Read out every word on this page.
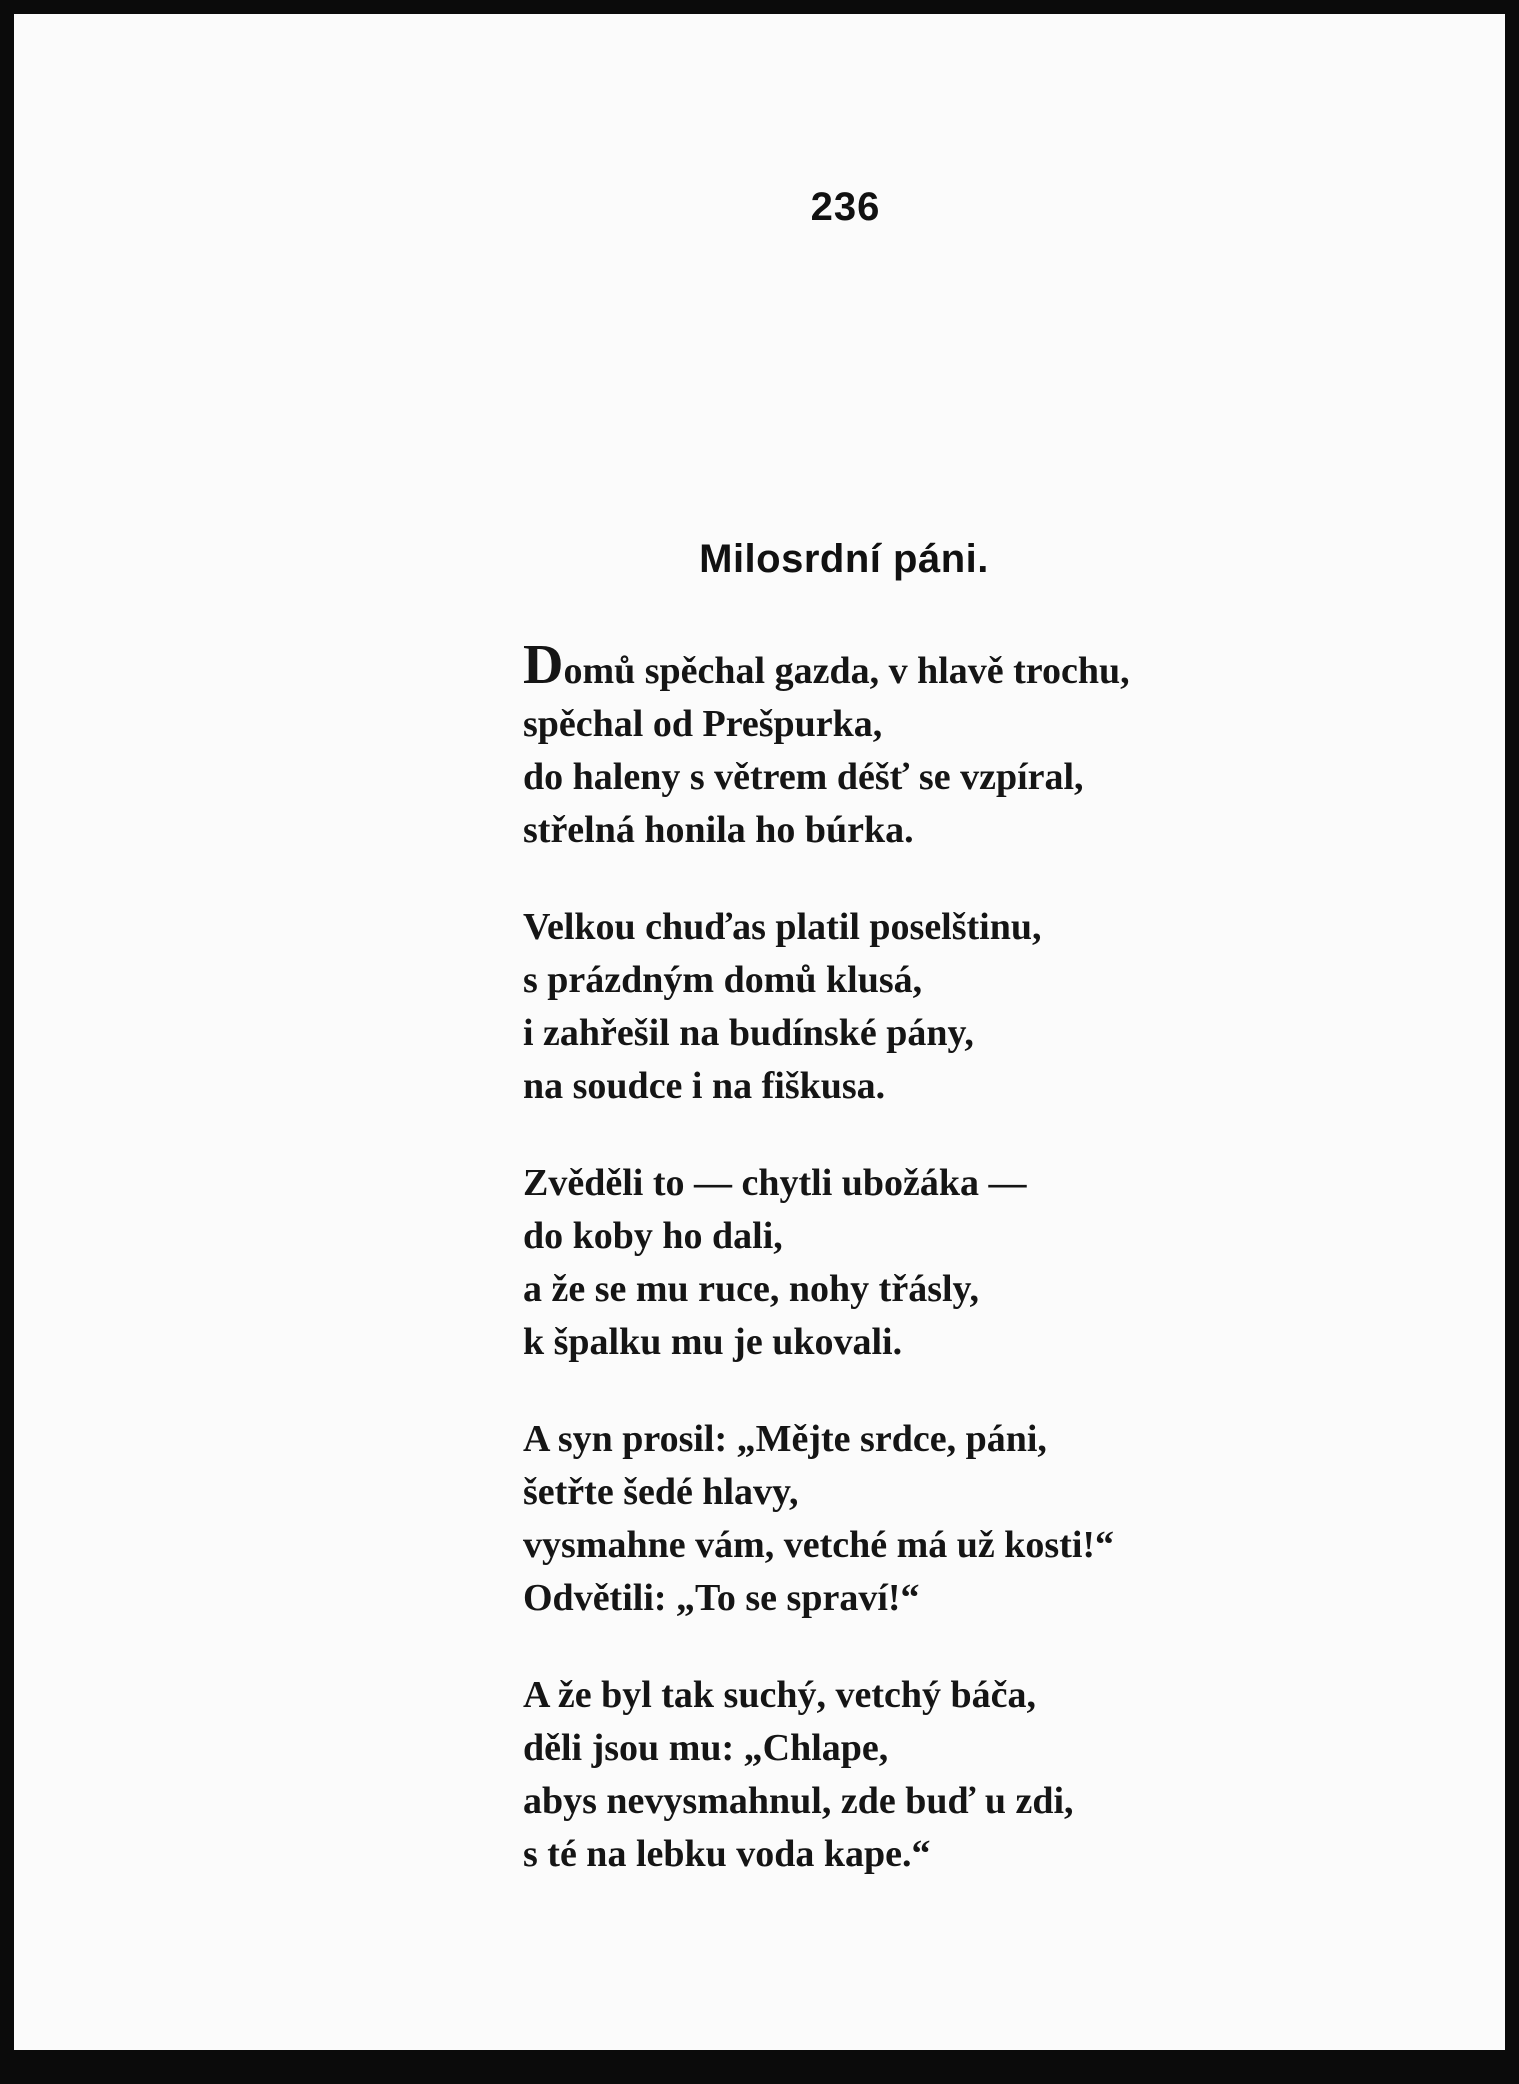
236
Milosrdní páni.
Domů spěchal gazda, v hlavě trochu,
spěchal od Prešpurka,
do haleny s větrem déšť se vzpíral,
střelná honila ho búrka.
Velkou chuďas platil poselštinu,
s prázdným domů klusá,
i zahřešil na budínské pány,
na soudce i na fiškusa.
Zvěděli to — chytli ubožáka —
do koby ho dali,
a že se mu ruce, nohy třásly,
k špalku mu je ukovali.
A syn prosil: „Mějte srdce, páni,
šetřte šedé hlavy,
vysmahne vám, vetché má už kosti!“
Odvětili: „To se spraví!“
A že byl tak suchý, vetchý báča,
děli jsou mu: „Chlape,
abys nevysmahnul, zde buď u zdi,
s té na lebku voda kape.“
